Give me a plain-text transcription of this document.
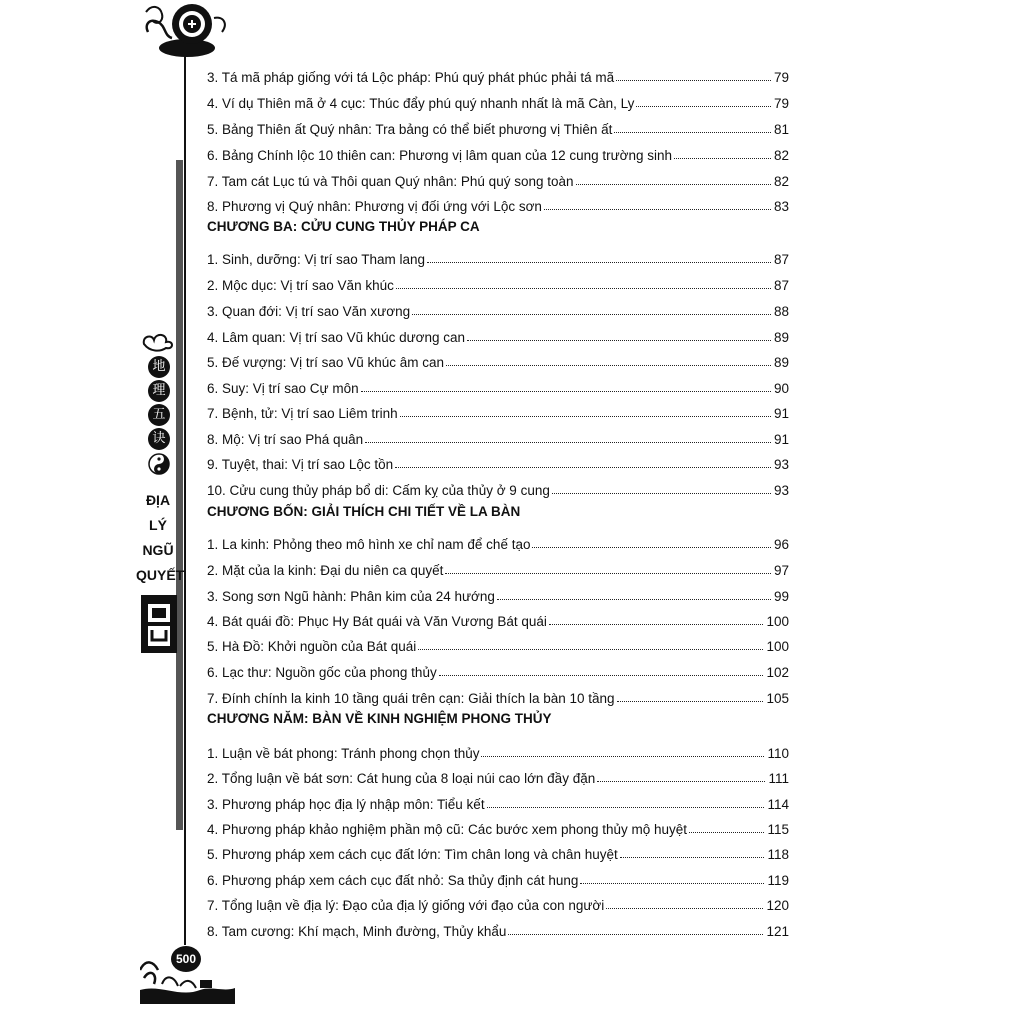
地
理
五
诀
ĐỊA
LÝ
NGŨ
QUYẾT
500
3. Tá mã pháp giống với tá Lộc pháp: Phú quý phát phúc phải tá mã	79
4. Ví dụ Thiên mã ở 4 cục: Thúc đẩy phú quý nhanh nhất là mã Càn, Ly	79
5. Bảng Thiên ất Quý nhân: Tra bảng có thể biết phương vị Thiên ất	81
6. Bảng Chính lộc 10 thiên can: Phương vị lâm quan của 12 cung trường sinh	82
7. Tam cát Lục tú và Thôi quan Quý nhân: Phú quý song toàn	82
8. Phương vị Quý nhân: Phương vị đối ứng với Lộc sơn	83
CHƯƠNG BA: CỬU CUNG THỦY PHÁP CA
1. Sinh, dưỡng: Vị trí sao Tham lang	87
2. Mộc dục: Vị trí sao Văn khúc	87
3. Quan đới: Vị trí sao Văn xương	88
4. Lâm quan: Vị trí sao Vũ khúc dương can	89
5. Đế vượng: Vị trí sao Vũ khúc âm can	89
6. Suy: Vị trí sao Cự môn	90
7. Bệnh, tử: Vị trí sao Liêm trinh	91
8. Mộ: Vị trí sao Phá quân	91
9. Tuyệt, thai: Vị trí sao Lộc tồn	93
10. Cửu cung thủy pháp bổ di: Cấm kỵ của thủy ở 9 cung	93
CHƯƠNG BỐN: GIẢI THÍCH CHI TIẾT VỀ LA BÀN
1. La kinh: Phỏng theo mô hình xe chỉ nam để chế tạo	96
2. Mặt của la kinh: Đại du niên ca quyết	97
3. Song sơn Ngũ hành: Phân kim của 24 hướng	99
4. Bát quái đồ: Phục Hy Bát quái và Văn Vương Bát quái	100
5. Hà Đồ: Khởi nguồn của Bát quái	100
6. Lạc thư: Nguồn gốc của phong thủy	102
7. Đính chính la kinh 10 tầng quái trên cạn: Giải thích la bàn 10 tầng	105
CHƯƠNG NĂM: BÀN VỀ KINH NGHIỆM PHONG THỦY
1. Luận về bát phong: Tránh phong chọn thủy	110
2. Tổng luận về bát sơn: Cát hung của 8 loại núi cao lớn đầy đặn	111
3. Phương pháp học địa lý nhập môn: Tiểu kết	114
4. Phương pháp khảo nghiệm phần mộ cũ: Các bước xem phong thủy mộ huyệt	115
5. Phương pháp xem cách cục đất lớn: Tìm chân long và chân huyệt	118
6. Phương pháp xem cách cục đất nhỏ: Sa thủy định cát hung	119
7. Tổng luận về địa lý: Đạo của địa lý giống với đạo của con người	120
8. Tam cương: Khí mạch, Minh đường, Thủy khẩu	121
